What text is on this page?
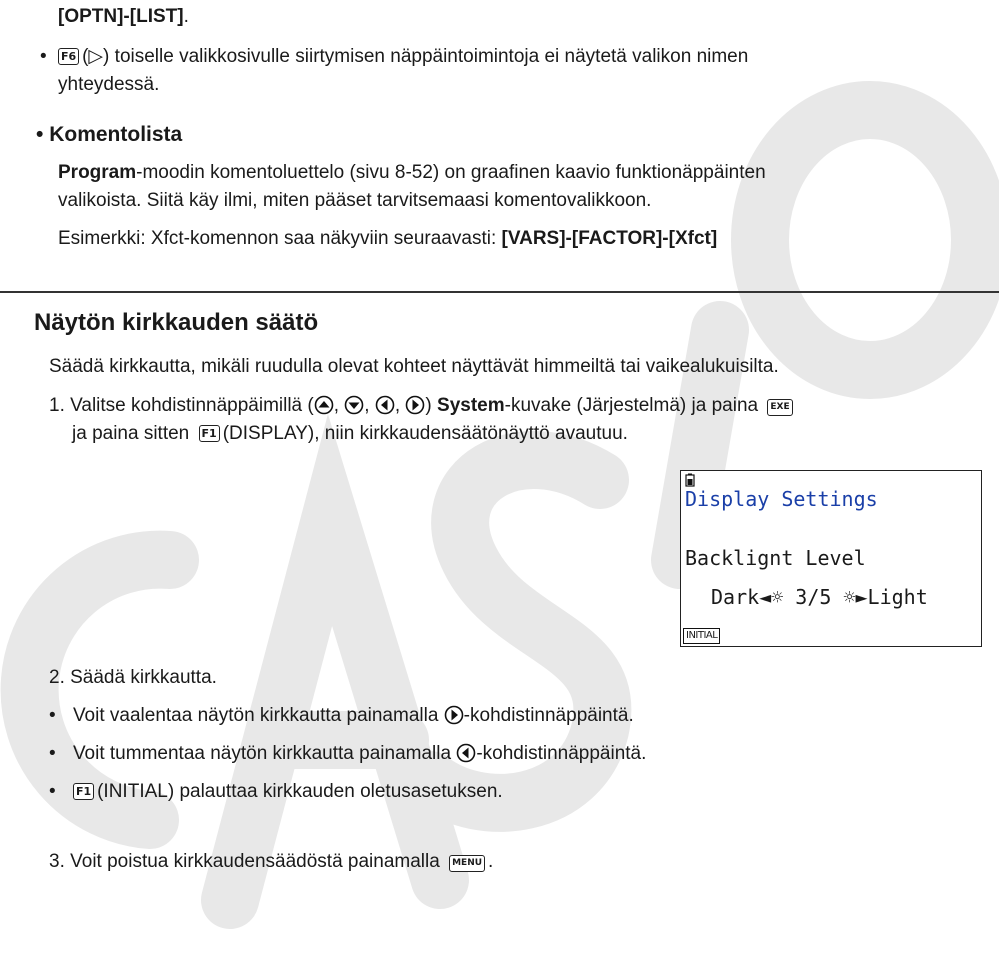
[OPTN]-[LIST].
• F6 (▷) toiselle valikkosivulle siirtymisen näppäintoimintoja ei näytetä valikon nimen
yhteydessä.
• Komentolista
Program-moodin komentoluettelo (sivu 8-52) on graafinen kaavio funktionäppäinten
valikoista. Siitä käy ilmi, miten pääset tarvitsemaasi komentovalikkoon.
Esimerkki: Xfct-komennon saa näkyviin seuraavasti: [VARS]-[FACTOR]-[Xfct]
Näytön kirkkauden säätö
Säädä kirkkautta, mikäli ruudulla olevat kohteet näyttävät himmeiltä tai vaikealukuisilta.
1. Valitse kohdistinnäppäimillä ( , , , ) System-kuvake (Järjestelmä) ja paina EXE
ja paina sitten F1 (DISPLAY), niin kirkkaudensäätönäyttö avautuu.
Display Settings
Backlignt Level
Dark◄☼ 3/5 ☼►Light
INITIAL
2. Säädä kirkkautta.
• Voit vaalentaa näytön kirkkautta painamalla -kohdistinnäppäintä.
• Voit tummentaa näytön kirkkautta painamalla -kohdistinnäppäintä.
• F1 (INITIAL) palauttaa kirkkauden oletusasetuksen.
3. Voit poistua kirkkaudensäädöstä painamalla MENU .
